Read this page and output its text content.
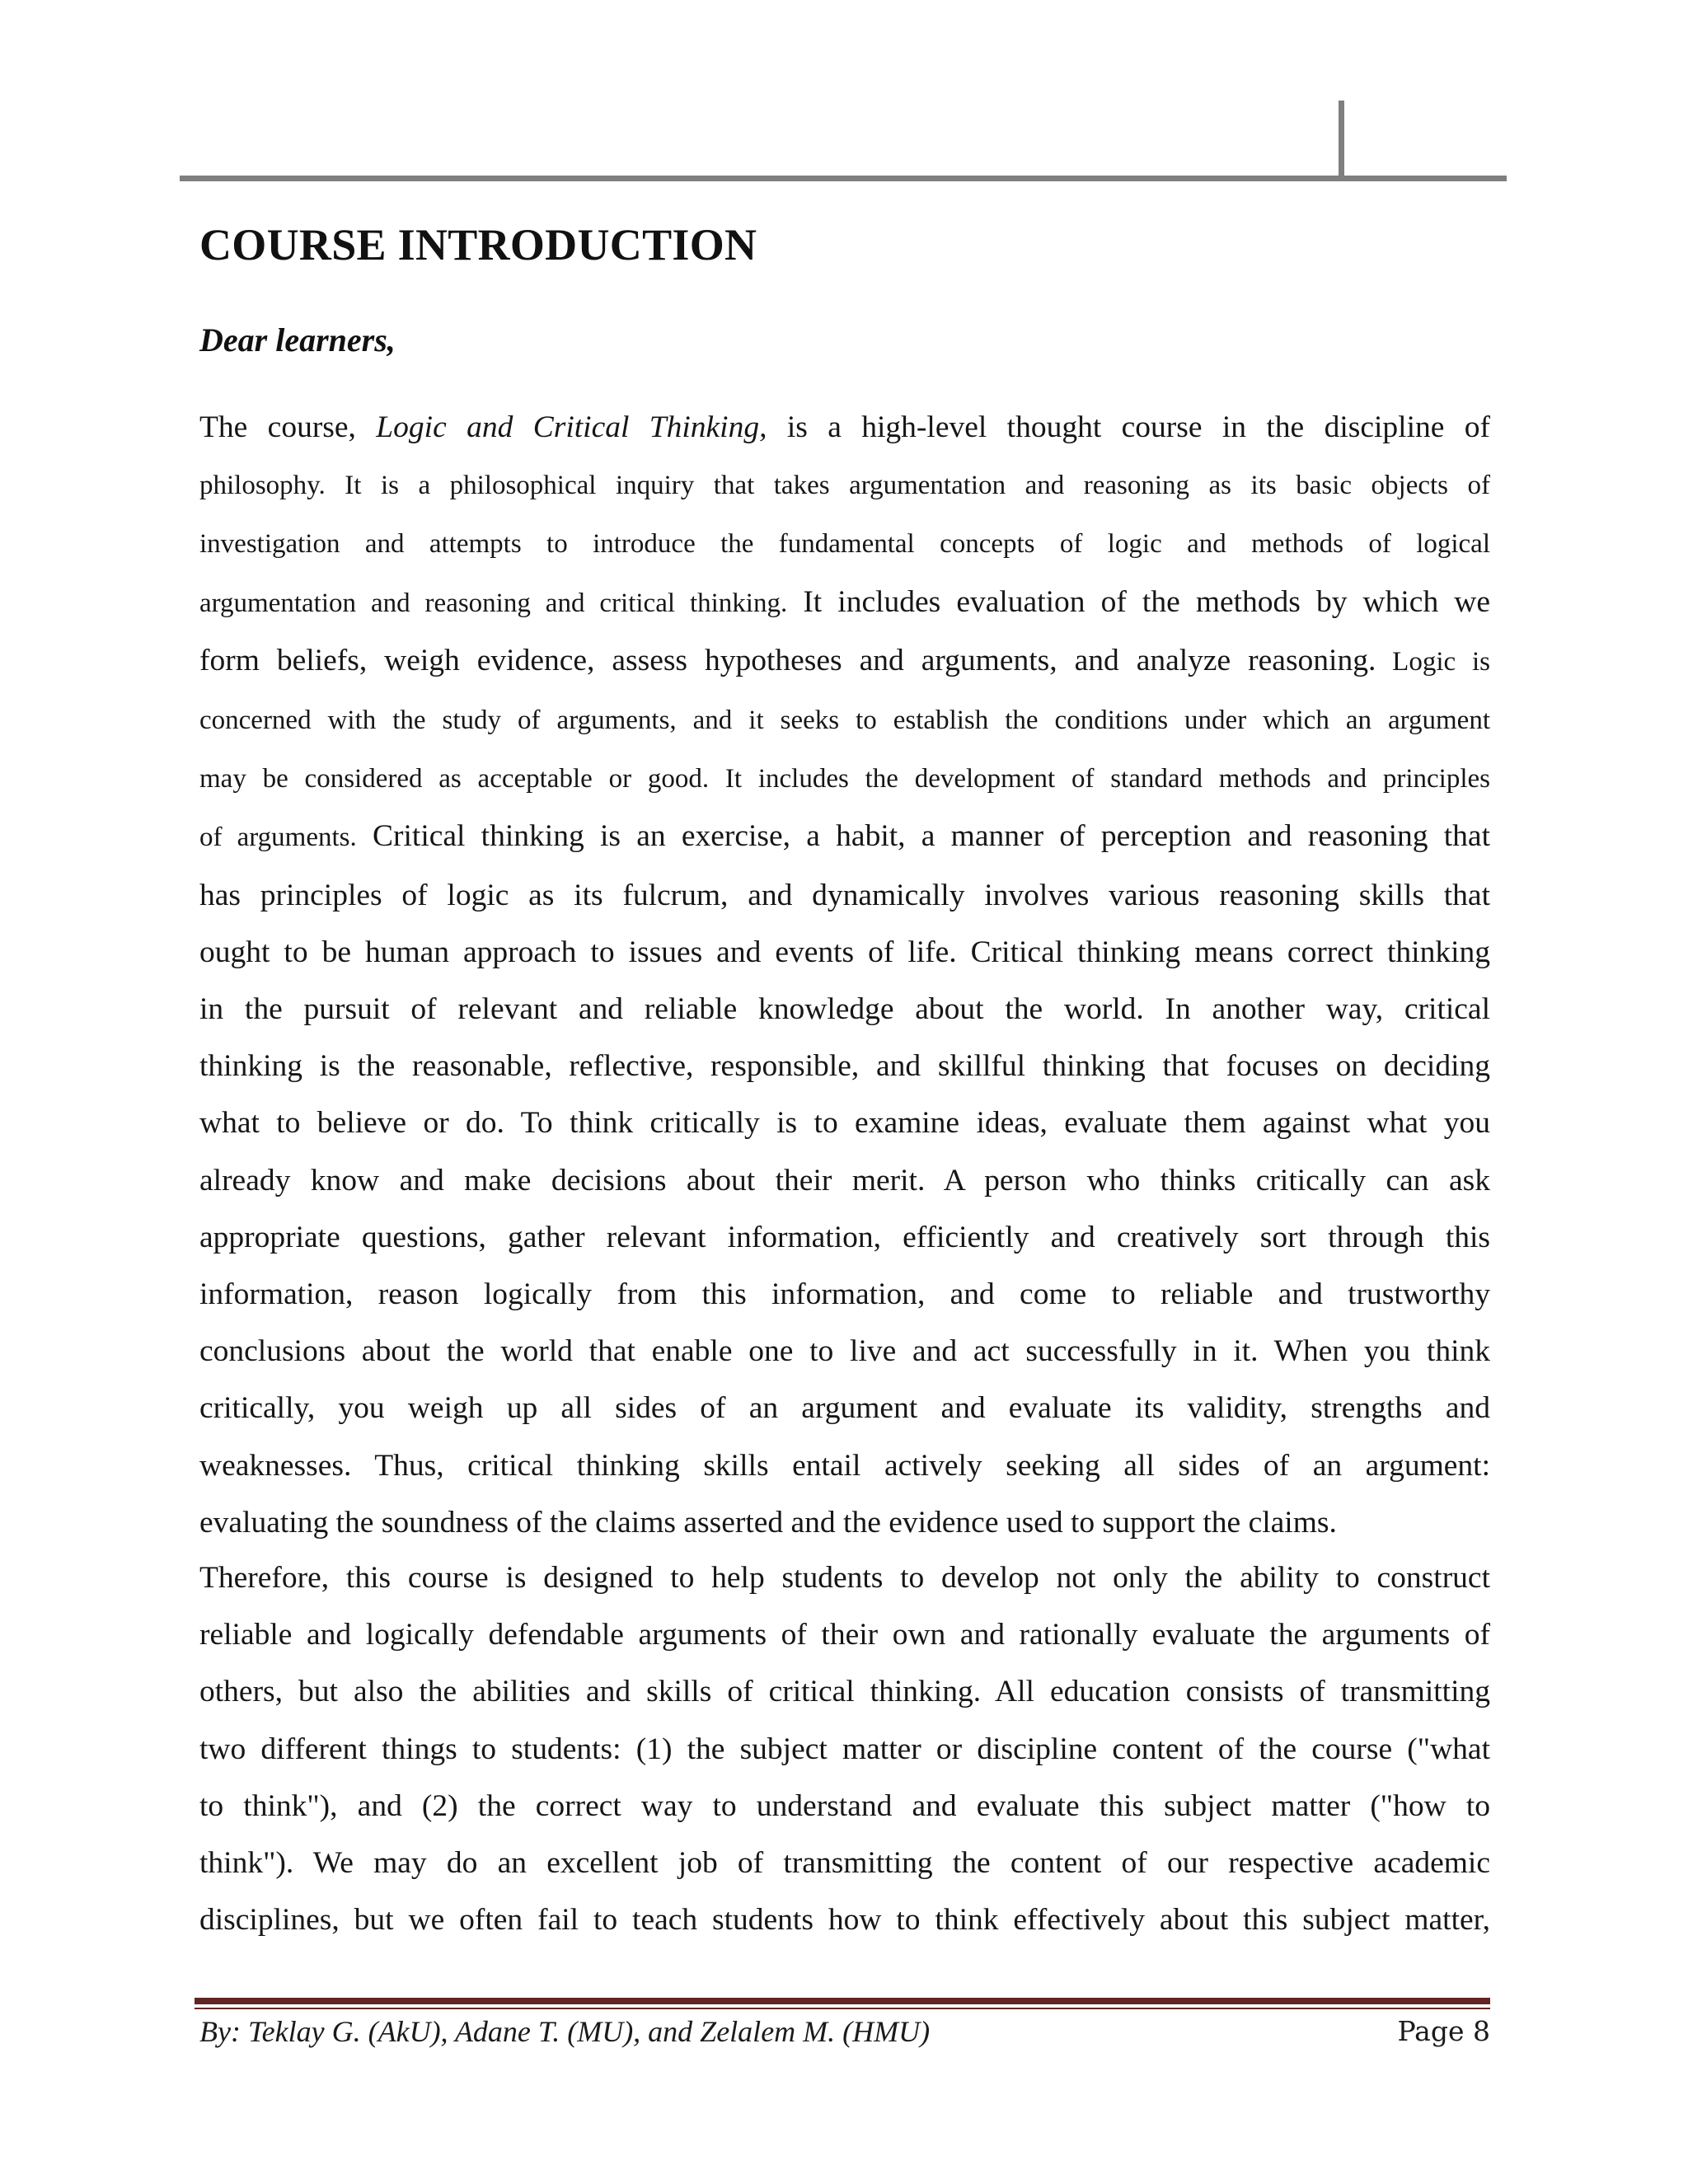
COURSE INTRODUCTION

Dear learners,

The course, Logic and Critical Thinking, is a high-level thought course in the discipline of
philosophy. It is a philosophical inquiry that takes argumentation and reasoning as its basic objects of
investigation and attempts to introduce the fundamental concepts of logic and methods of logical
argumentation and reasoning and critical thinking. It includes evaluation of the methods by which we
form beliefs, weigh evidence, assess hypotheses and arguments, and analyze reasoning. Logic is
concerned with the study of arguments, and it seeks to establish the conditions under which an argument
may be considered as acceptable or good. It includes the development of standard methods and principles
of arguments. Critical thinking is an exercise, a habit, a manner of perception and reasoning that
has principles of logic as its fulcrum, and dynamically involves various reasoning skills that
ought to be human approach to issues and events of life. Critical thinking means correct thinking
in the pursuit of relevant and reliable knowledge about the world. In another way, critical
thinking is the reasonable, reflective, responsible, and skillful thinking that focuses on deciding
what to believe or do. To think critically is to examine ideas, evaluate them against what you
already know and make decisions about their merit. A person who thinks critically can ask
appropriate questions, gather relevant information, efficiently and creatively sort through this
information, reason logically from this information, and come to reliable and trustworthy
conclusions about the world that enable one to live and act successfully in it. When you think
critically, you weigh up all sides of an argument and evaluate its validity, strengths and
weaknesses. Thus, critical thinking skills entail actively seeking all sides of an argument:
evaluating the soundness of the claims asserted and the evidence used to support the claims.
Therefore, this course is designed to help students to develop not only the ability to construct
reliable and logically defendable arguments of their own and rationally evaluate the arguments of
others, but also the abilities and skills of critical thinking. All education consists of transmitting
two different things to students: (1) the subject matter or discipline content of the course ("what
to think"), and (2) the correct way to understand and evaluate this subject matter ("how to
think"). We may do an excellent job of transmitting the content of our respective academic
disciplines, but we often fail to teach students how to think effectively about this subject matter,
By: Teklay G. (AkU), Adane T. (MU), and Zelalem M. (HMU)	Page 8
